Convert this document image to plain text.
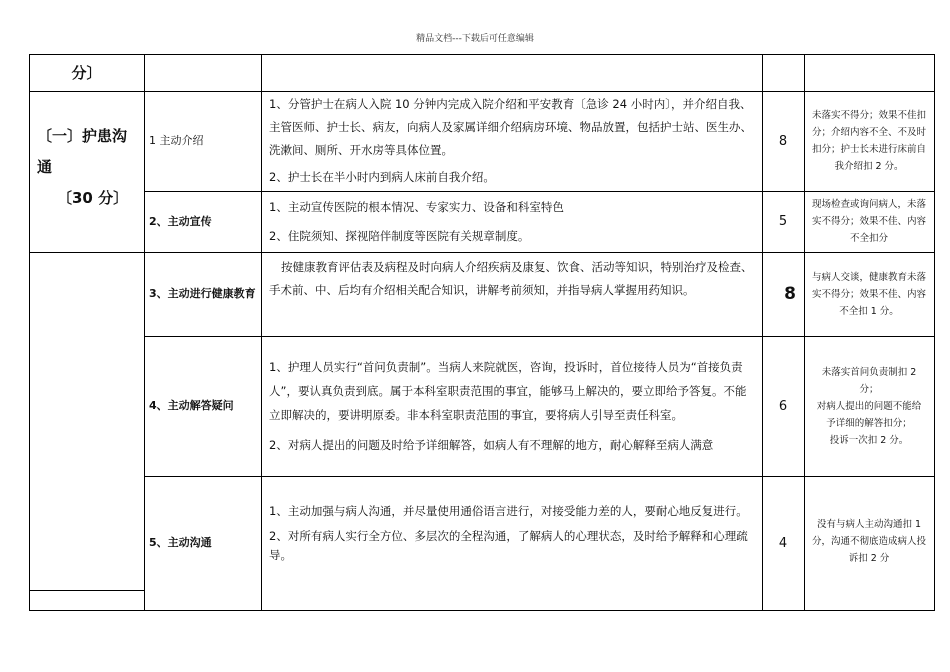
精品文档---下载后可任意编辑
分〕
〔一〕护患沟
通
〔30 分〕
1 主动介绍

1、分管护士在病人入院 10 分钟内完成入院介绍和平安教育〔急诊 24 小时内〕，并介绍自我、主管医师、护士长、病友，向病人及家属详细介绍病房环境、物品放置，包括护士站、医生办、洗漱间、厕所、开水房等具体位置。

2、护士长在半小时内到病人床前自我介绍。

8
未落实不得分；效果不佳扣分；介绍内容不全、不及时扣分；护士长未进行床前自我介绍扣 2 分。
2、主动宣传

1、主动宣传医院的根本情况、专家实力、设备和科室特色

2、住院须知、探视陪伴制度等医院有关规章制度。

5
现场检查或询问病人，未落实不得分；效果不佳、内容不全扣分
3、主动进行健康教育

按健康教育评估表及病程及时向病人介绍疾病及康复、饮食、活动等知识，特别治疗及检查、手术前、中、后均有介绍相关配合知识，讲解考前须知，并指导病人掌握用药知识。	8
与病人交谈，健康教育未落实不得分；效果不佳、内容不全扣 1 分。
4、主动解答疑问

1、护理人员实行“首问负责制”。当病人来院就医，咨询，投诉时，首位接待人员为“首接负责人”，要认真负责到底。属于本科室职责范围的事宜，能够马上解决的，要立即给予答复。不能立即解决的，要讲明原委。非本科室职责范围的事宜，要将病人引导至责任科室。

2、对病人提出的问题及时给予详细解答，如病人有不理解的地方，耐心解释至病人满意

6
未落实首问负责制扣 2
分；
对病人提出的问题不能给
予详细的解答扣分；
投诉一次扣 2 分。
5、主动沟通

1、主动加强与病人沟通，并尽量使用通俗语言进行，对接受能力差的人，要耐心地反复进行。

2、对所有病人实行全方位、多层次的全程沟通，了解病人的心理状态，及时给予解释和心理疏导。

4
没有与病人主动沟通扣 1 分，沟通不彻底造成病人投诉扣 2 分
